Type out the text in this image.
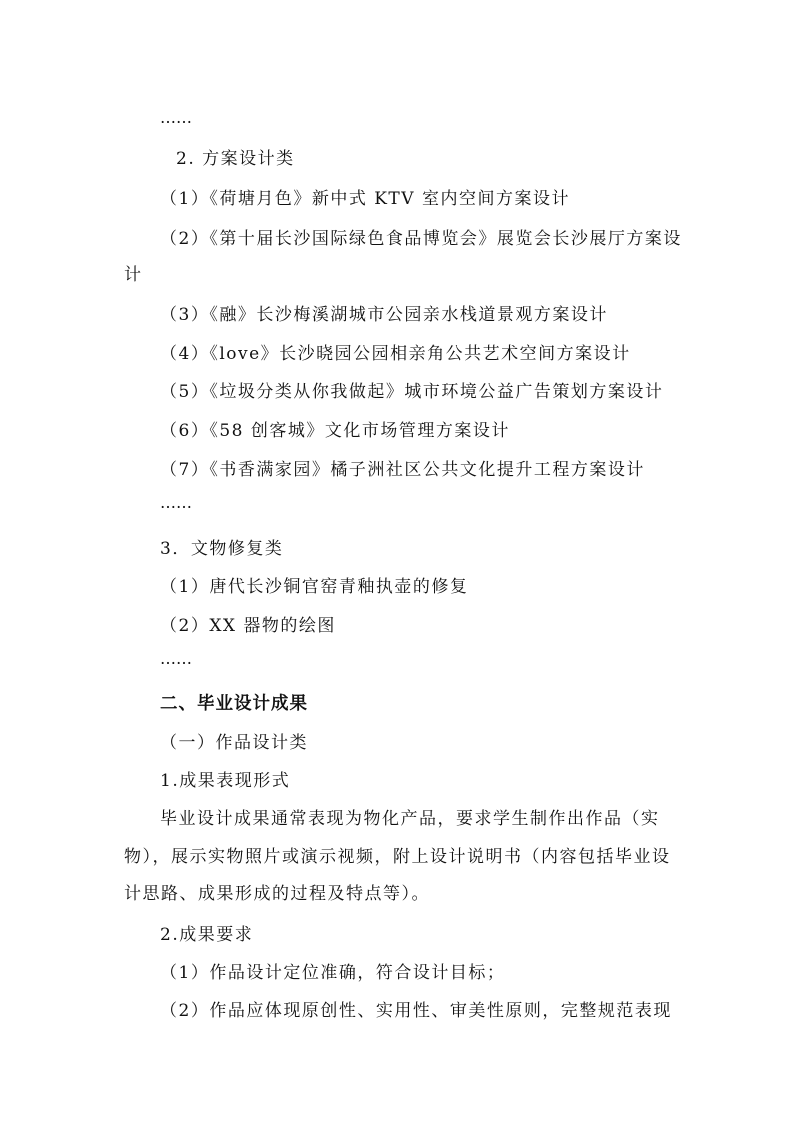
……
2. 方案设计类
（1）《荷塘月色》新中式 KTV 室内空间方案设计
（2）《第十届长沙国际绿色食品博览会》展览会长沙展厅方案设
计
（3）《融》长沙梅溪湖城市公园亲水栈道景观方案设计
（4）《love》长沙晓园公园相亲角公共艺术空间方案设计
（5）《垃圾分类从你我做起》城市环境公益广告策划方案设计
（6）《58 创客城》文化市场管理方案设计
（7）《书香满家园》橘子洲社区公共文化提升工程方案设计
……
3．文物修复类
（1）唐代长沙铜官窑青釉执壶的修复
（2）XX 器物的绘图
……
二、毕业设计成果
（一）作品设计类
1.成果表现形式
毕业设计成果通常表现为物化产品，要求学生制作出作品（实
物），展示实物照片或演示视频，附上设计说明书（内容包括毕业设
计思路、成果形成的过程及特点等）。
2.成果要求
（1）作品设计定位准确，符合设计目标；
（2）作品应体现原创性、实用性、审美性原则，完整规范表现
